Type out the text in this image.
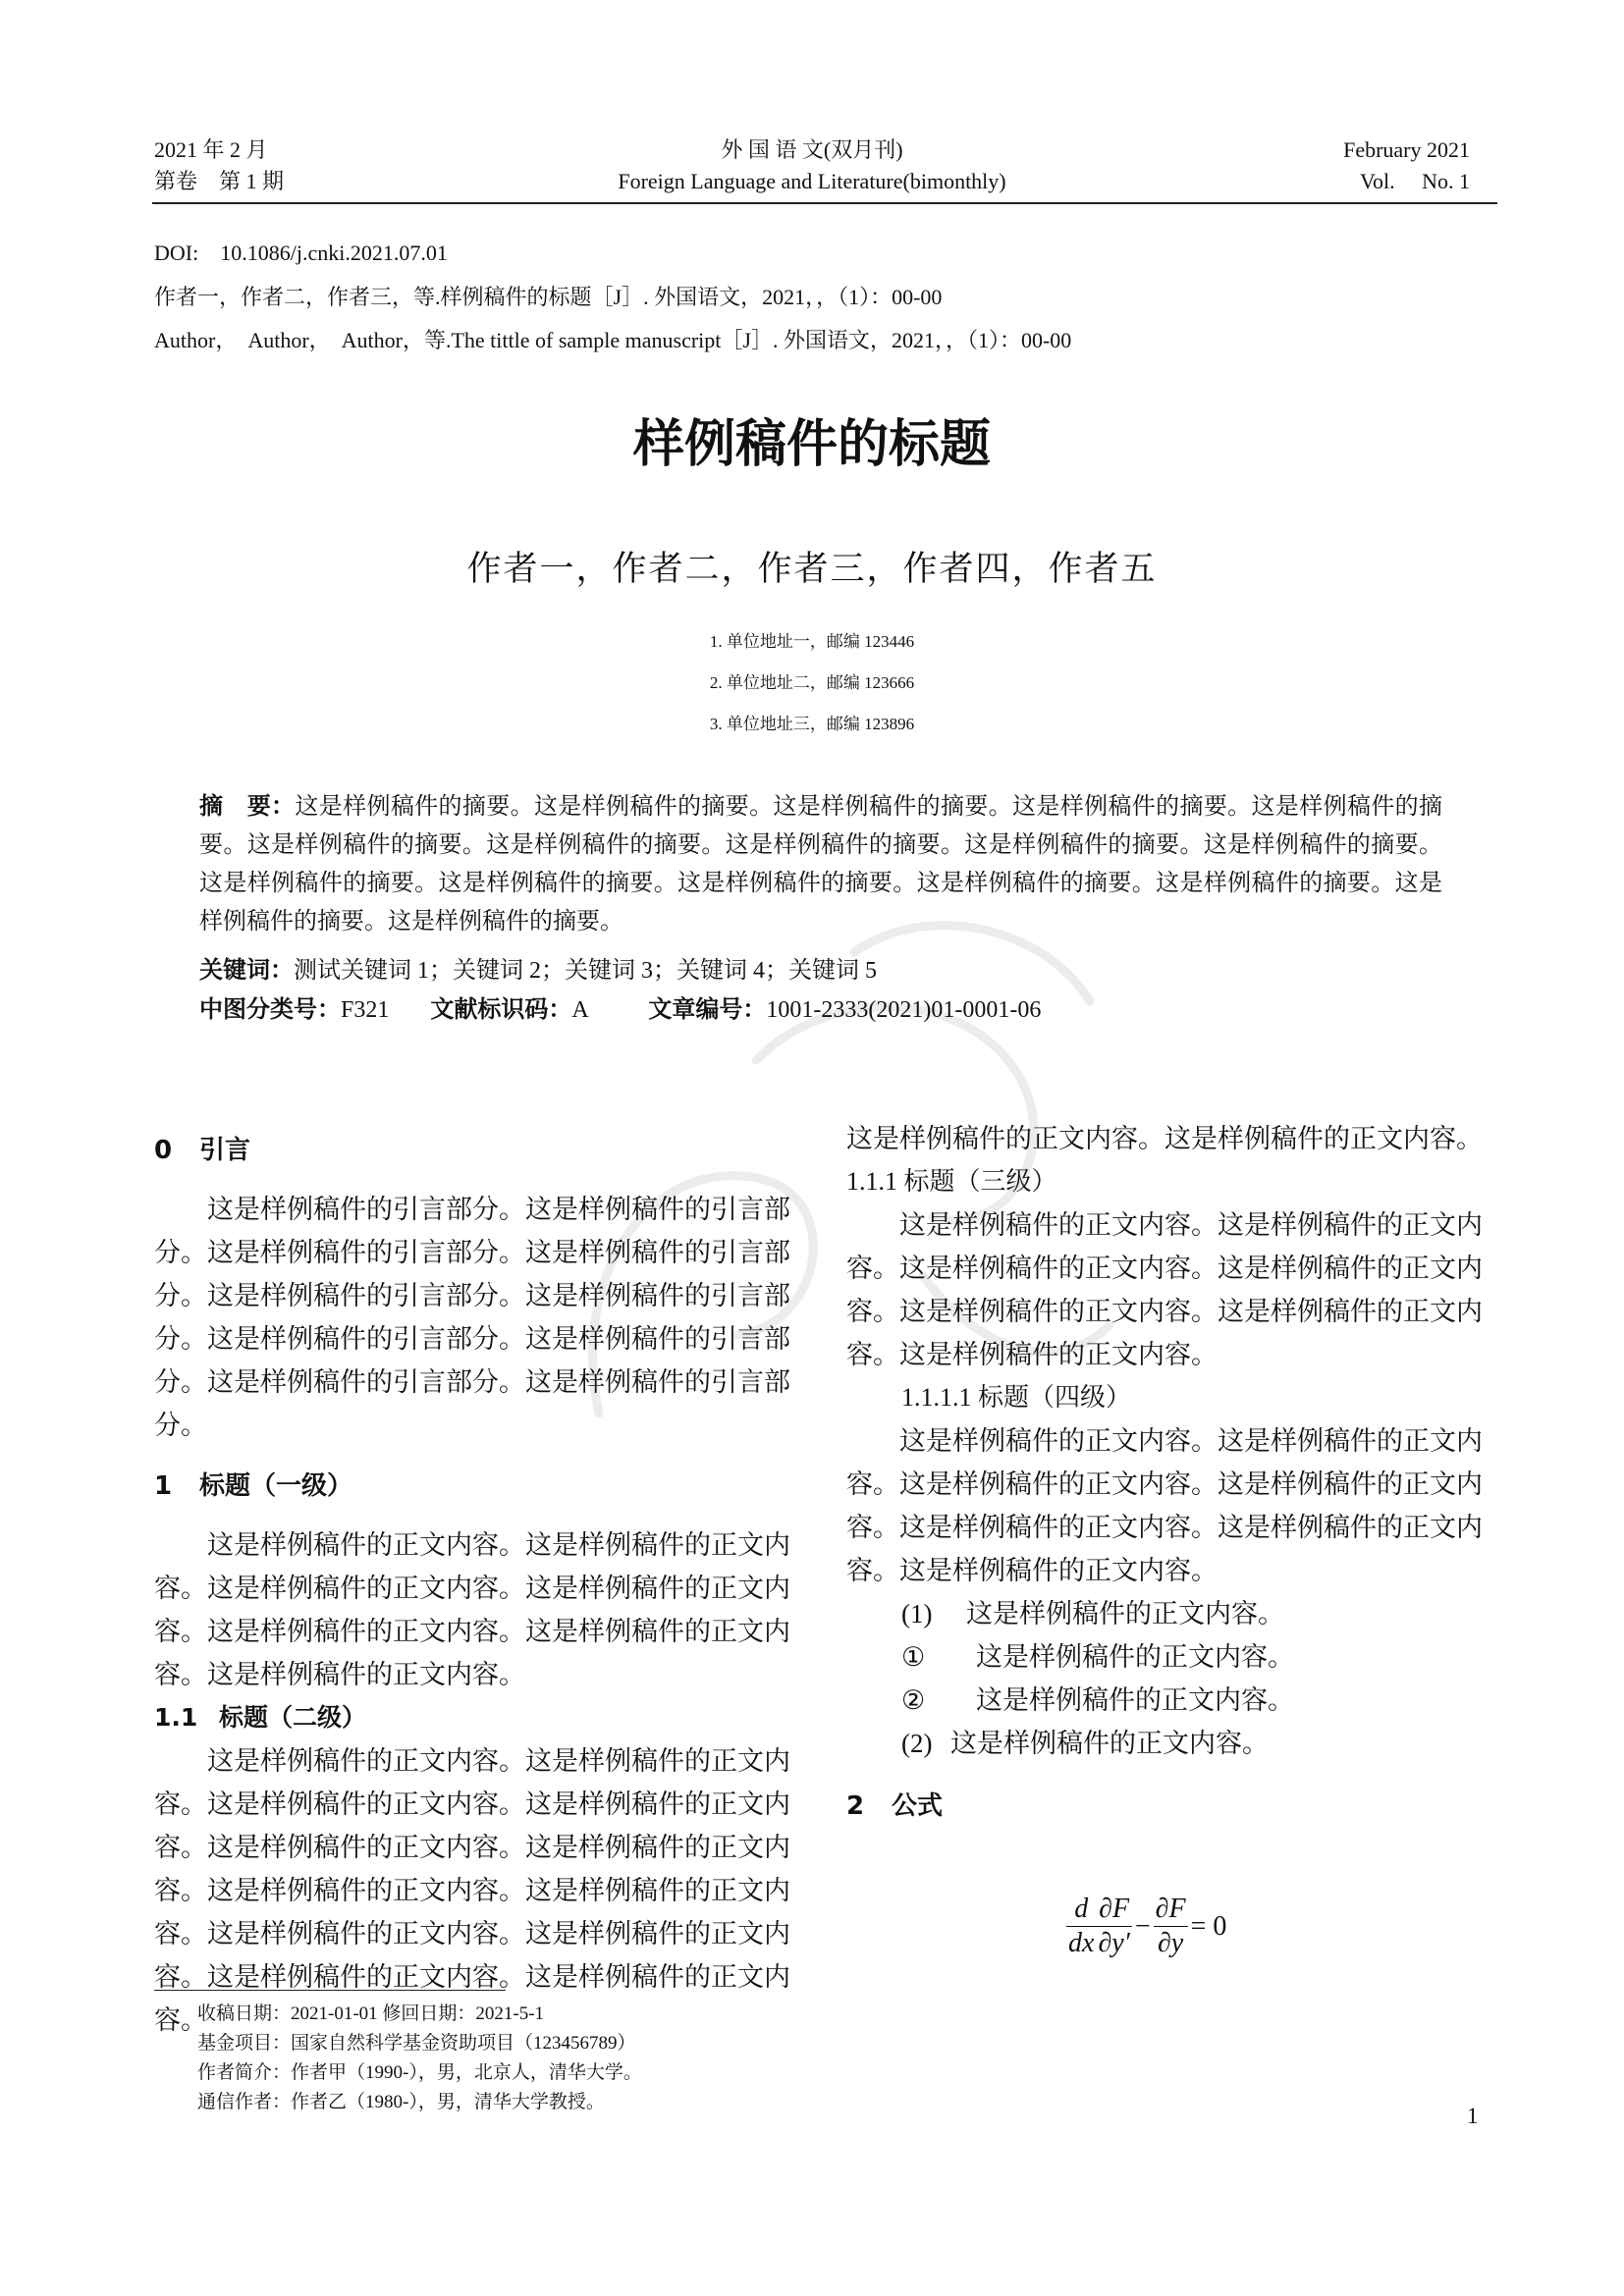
2021 年 2 月
第卷　第 1 期
外 国 语 文(双月刊)
Foreign Language and Literature(bimonthly)
February 2021
Vol.　 No. 1
DOI:　10.1086/j.cnki.2021.07.01
作者一，作者二，作者三，等.样例稿件的标题［J］. 外国语文，2021，，（1）：00-00
Author，　Author，　Author，等.The tittle of sample manuscript［J］. 外国语文，2021，，（1）：00-00
样例稿件的标题
作者一，作者二，作者三，作者四，作者五
1. 单位地址一，邮编 123446
2. 单位地址二，邮编 123666
3. 单位地址三，邮编 123896
摘　要：这是样例稿件的摘要。这是样例稿件的摘要。这是样例稿件的摘要。这是样例稿件的摘要。这是样例稿件的摘要。这是样例稿件的摘要。这是样例稿件的摘要。这是样例稿件的摘要。这是样例稿件的摘要。这是样例稿件的摘要。这是样例稿件的摘要。这是样例稿件的摘要。这是样例稿件的摘要。这是样例稿件的摘要。这是样例稿件的摘要。这是样例稿件的摘要。这是样例稿件的摘要。
关键词：测试关键词 1；关键词 2；关键词 3；关键词 4；关键词 5
中图分类号：F321 文献标识码：A	文章编号：1001-2333(2021)01-0001-06
0 引言

这是样例稿件的引言部分。这是样例稿件的引言部分。这是样例稿件的引言部分。这是样例稿件的引言部分。这是样例稿件的引言部分。这是样例稿件的引言部分。这是样例稿件的引言部分。这是样例稿件的引言部分。这是样例稿件的引言部分。这是样例稿件的引言部分。

1 标题（一级）

这是样例稿件的正文内容。这是样例稿件的正文内容。这是样例稿件的正文内容。这是样例稿件的正文内容。这是样例稿件的正文内容。这是样例稿件的正文内容。这是样例稿件的正文内容。

1.1 标题（二级）

这是样例稿件的正文内容。这是样例稿件的正文内容。这是样例稿件的正文内容。这是样例稿件的正文内容。这是样例稿件的正文内容。这是样例稿件的正文内容。这是样例稿件的正文内容。这是样例稿件的正文内容。这是样例稿件的正文内容。这是样例稿件的正文内容。这是样例稿件的正文内容。这是样例稿件的正文内容。

这是样例稿件的正文内容。这是样例稿件的正文内容。

1.1.1 标题（三级）

这是样例稿件的正文内容。这是样例稿件的正文内容。这是样例稿件的正文内容。这是样例稿件的正文内容。这是样例稿件的正文内容。这是样例稿件的正文内容。这是样例稿件的正文内容。

1.1.1.1 标题（四级）

这是样例稿件的正文内容。这是样例稿件的正文内容。这是样例稿件的正文内容。这是样例稿件的正文内容。这是样例稿件的正文内容。这是样例稿件的正文内容。这是样例稿件的正文内容。

(1) 这是样例稿件的正文内容。
① 这是样例稿件的正文内容。
② 这是样例稿件的正文内容。
(2) 这是样例稿件的正文内容。
2 公式
$\frac{d}{dx} \frac{\partial F}{\partial y'} - \frac{\partial F}{\partial y} = 0$
收稿日期：2021-01-01 修回日期：2021-5-1
基金项目：国家自然科学基金资助项目（123456789）
作者简介：作者甲（1990-），男，北京人，清华大学。
通信作者：作者乙（1980-），男，清华大学教授。
1
